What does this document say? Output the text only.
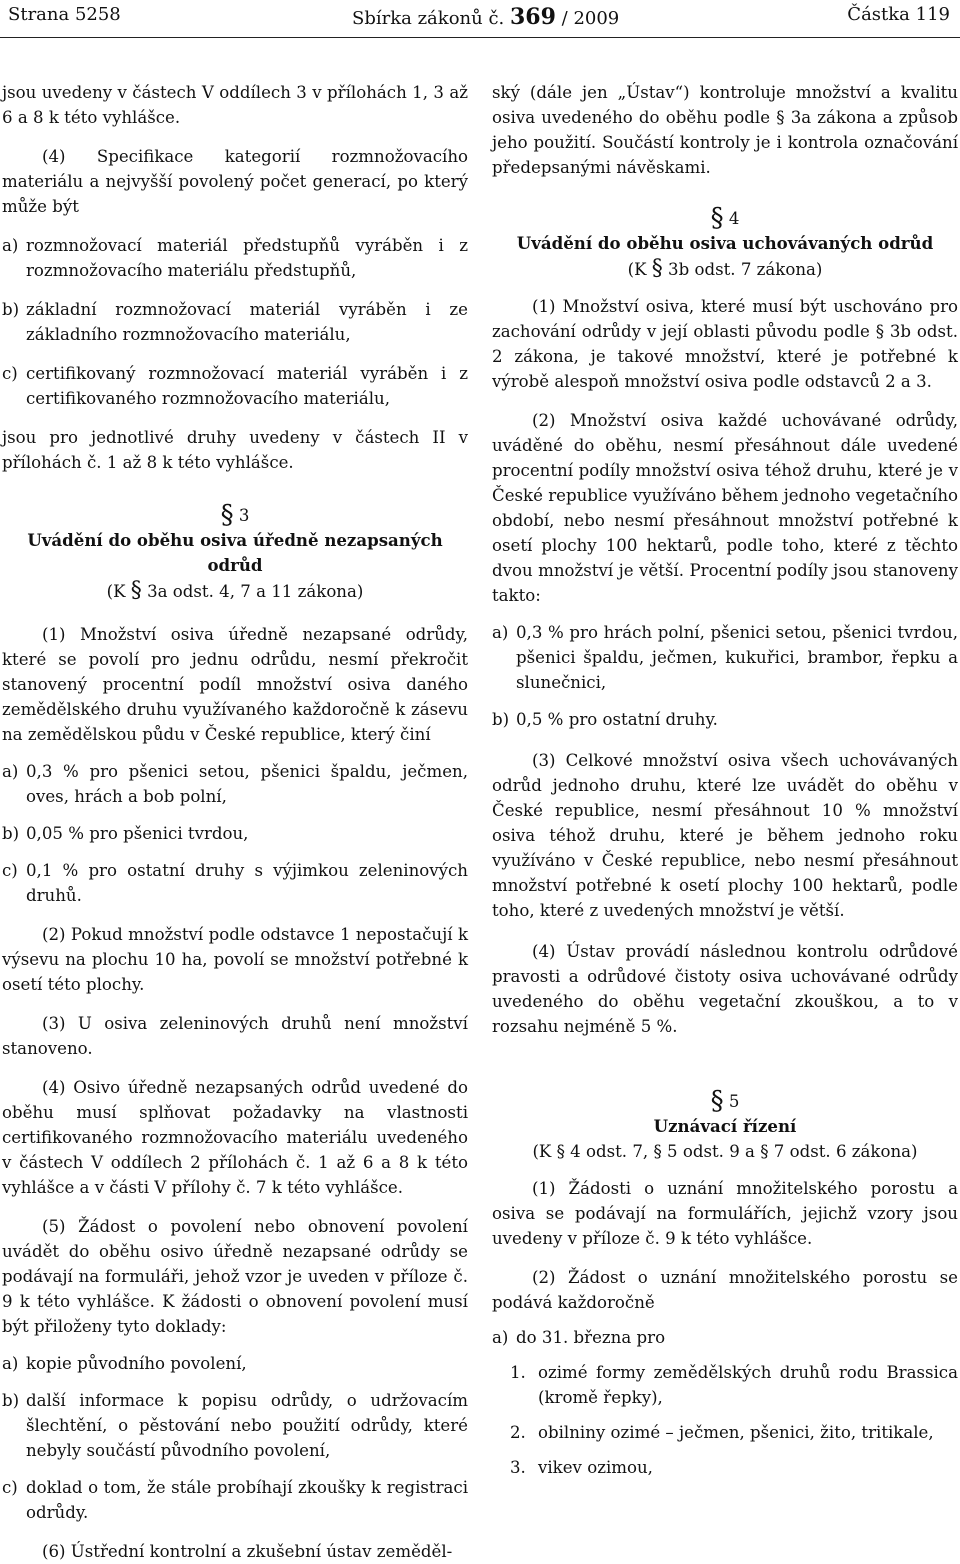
Strana 5258	Sbírka zákonů č. 369 / 2009	Částka 119

jsou uvedeny v částech V oddílech 3 v přílohách 1, 3 až 6 a 8 k této vyhlášce.

(4) Specifikace kategorií rozmnožovacího materiálu a nejvyšší povolený počet generací, po který může být

a) rozmnožovací materiál předstupňů vyráběn i z rozmnožovacího materiálu předstupňů,
b) základní rozmnožovací materiál vyráběn i ze základního rozmnožovacího materiálu,
c) certifikovaný rozmnožovací materiál vyráběn i z certifikovaného rozmnožovacího materiálu,

jsou pro jednotlivé druhy uvedeny v částech II v přílohách č. 1 až 8 k této vyhlášce.

§ 3

Uvádění do oběhu osiva úředně nezapsaných odrůd

(K § 3a odst. 4, 7 a 11 zákona)

(1) Množství osiva úředně nezapsané odrůdy, které se povolí pro jednu odrůdu, nesmí překročit stanovený procentní podíl množství osiva daného zemědělského druhu využívaného každoročně k zásevu na zemědělskou půdu v České republice, který činí

a) 0,3 % pro pšenici setou, pšenici špaldu, ječmen, oves, hrách a bob polní,
b) 0,05 % pro pšenici tvrdou,
c) 0,1 % pro ostatní druhy s výjimkou zeleninových druhů.

(2) Pokud množství podle odstavce 1 nepostačují k výsevu na plochu 10 ha, povolí se množství potřebné k osetí této plochy.

(3) U osiva zeleninových druhů není množství stanoveno.

(4) Osivo úředně nezapsaných odrůd uvedené do oběhu musí splňovat požadavky na vlastnosti certifikovaného rozmnožovacího materiálu uvedeného v částech V oddílech 2 přílohách č. 1 až 6 a 8 k této vyhlášce a v části V přílohy č. 7 k této vyhlášce.

(5) Žádost o povolení nebo obnovení povolení uvádět do oběhu osivo úředně nezapsané odrůdy se podávají na formuláři, jehož vzor je uveden v příloze č. 9 k této vyhlášce. K žádosti o obnovení povolení musí být přiloženy tyto doklady:

a) kopie původního povolení,
b) další informace k popisu odrůdy, o udržovacím šlechtění, o pěstování nebo použití odrůdy, které nebyly součástí původního povolení,
c) doklad o tom, že stále probíhají zkoušky k registraci odrůdy.

(6) Ústřední kontrolní a zkušební ústav zeměděl-

ský (dále jen „Ústav“) kontroluje množství a kvalitu osiva uvedeného do oběhu podle § 3a zákona a způsob jeho použití. Součástí kontroly je i kontrola označování předepsanými návěskami.

§ 4

Uvádění do oběhu osiva uchovávaných odrůd

(K § 3b odst. 7 zákona)

(1) Množství osiva, které musí být uschováno pro zachování odrůdy v její oblasti původu podle § 3b odst. 2 zákona, je takové množství, které je potřebné k výrobě alespoň množství osiva podle odstavců 2 a 3.

(2) Množství osiva každé uchovávané odrůdy, uváděné do oběhu, nesmí přesáhnout dále uvedené procentní podíly množství osiva téhož druhu, které je v České republice využíváno během jednoho vegetačního období, nebo nesmí přesáhnout množství potřebné k osetí plochy 100 hektarů, podle toho, které z těchto dvou množství je větší. Procentní podíly jsou stanoveny takto:

a) 0,3 % pro hrách polní, pšenici setou, pšenici tvrdou, pšenici špaldu, ječmen, kukuřici, brambor, řepku a slunečnici,
b) 0,5 % pro ostatní druhy.

(3) Celkové množství osiva všech uchovávaných odrůd jednoho druhu, které lze uvádět do oběhu v České republice, nesmí přesáhnout 10 % množství osiva téhož druhu, které je během jednoho roku využíváno v České republice, nebo nesmí přesáhnout množství potřebné k osetí plochy 100 hektarů, podle toho, které z uvedených množství je větší.

(4) Ústav provádí následnou kontrolu odrůdové pravosti a odrůdové čistoty osiva uchovávané odrůdy uvedeného do oběhu vegetační zkouškou, a to v rozsahu nejméně 5 %.

§ 5

Uznávací řízení

(K § 4 odst. 7, § 5 odst. 9 a § 7 odst. 6 zákona)

(1) Žádosti o uznání množitelského porostu a osiva se podávají na formulářích, jejichž vzory jsou uvedeny v příloze č. 9 k této vyhlášce.

(2) Žádost o uznání množitelského porostu se podává každoročně

a) do 31. března pro
1. ozimé formy zemědělských druhů rodu Brassica (kromě řepky),
2. obilniny ozimé – ječmen, pšenici, žito, tritikale,
3. vikev ozimou,
